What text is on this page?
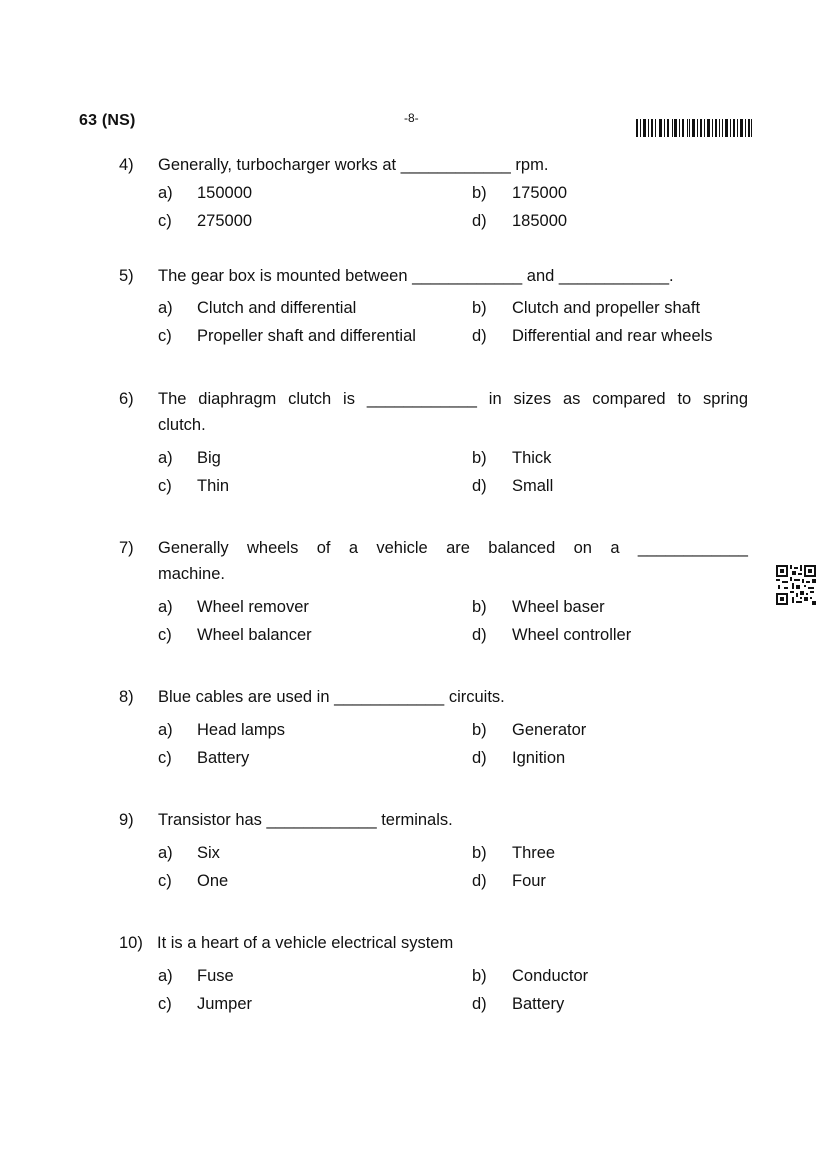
63 (NS)	-8-
4) Generally, turbocharger works at ____________ rpm.
a) 150000	b) 175000
c) 275000	d) 185000
5) The gear box is mounted between ____________ and ____________.
a) Clutch and differential	b) Clutch and propeller shaft
c) Propeller shaft and differential	d) Differential and rear wheels
6) The diaphragm clutch is ____________ in sizes as compared to spring
clutch.
a) Big	b) Thick
c) Thin	d) Small
7) Generally wheels of a vehicle are balanced on a ____________
machine.
a) Wheel remover	b) Wheel baser
c) Wheel balancer	d) Wheel controller
8) Blue cables are used in ____________ circuits.
a) Head lamps	b) Generator
c) Battery	d) Ignition
9) Transistor has ____________ terminals.
a) Six	b) Three
c) One	d) Four
10) It is a heart of a vehicle electrical system
a) Fuse	b) Conductor
c) Jumper	d) Battery
